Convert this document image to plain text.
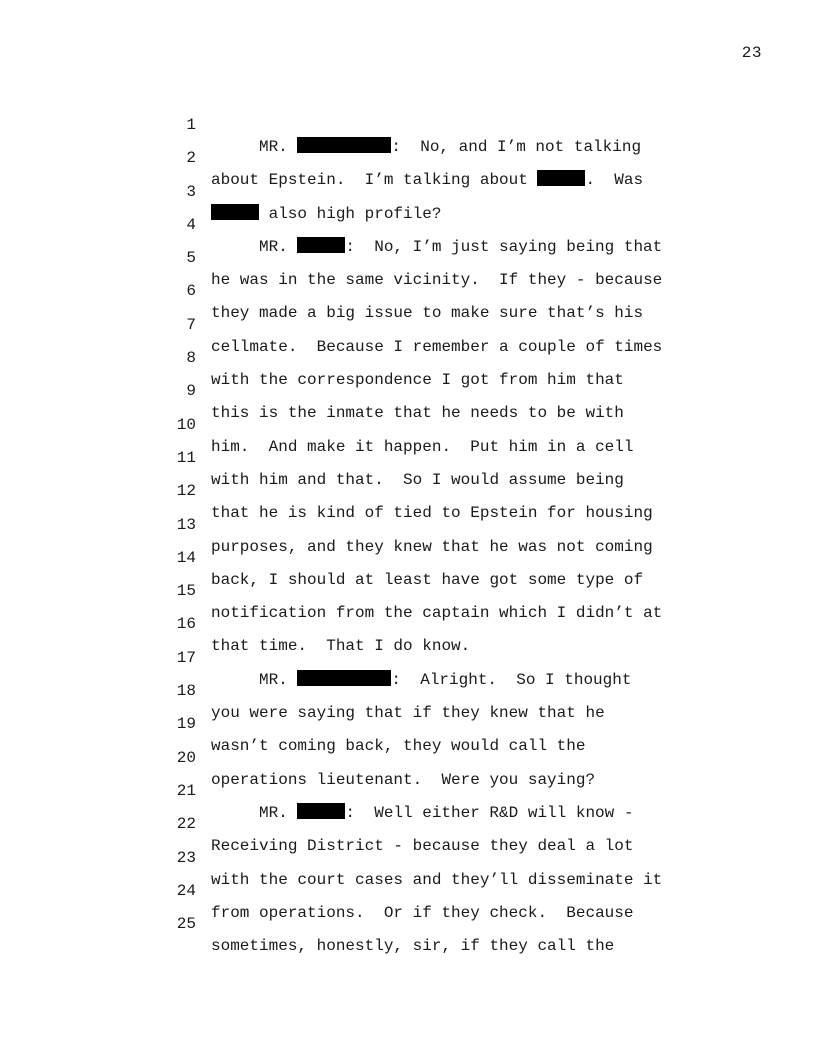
23

1

MR.	:  No, and I’m not talking

2

about Epstein.  I’m talking about	.  Was

3

also high profile?

4

MR.	:  No, I’m just saying being that

5

he was in the same vicinity.  If they - because

6

they made a big issue to make sure that’s his

7

cellmate.  Because I remember a couple of times

8

with the correspondence I got from him that

9

this is the inmate that he needs to be with

10

him.  And make it happen.  Put him in a cell

11

with him and that.  So I would assume being

12

that he is kind of tied to Epstein for housing

13

purposes, and they knew that he was not coming

14

back, I should at least have got some type of

15

notification from the captain which I didn’t at

16

that time.  That I do know.

17

MR.	:  Alright.  So I thought

18

you were saying that if they knew that he

19

wasn’t coming back, they would call the

20

operations lieutenant.  Were you saying?

21

MR.	:  Well either R&D will know -

22

Receiving District - because they deal a lot

23

with the court cases and they’ll disseminate it

24

from operations.  Or if they check.  Because

25

sometimes, honestly, sir, if they call the
